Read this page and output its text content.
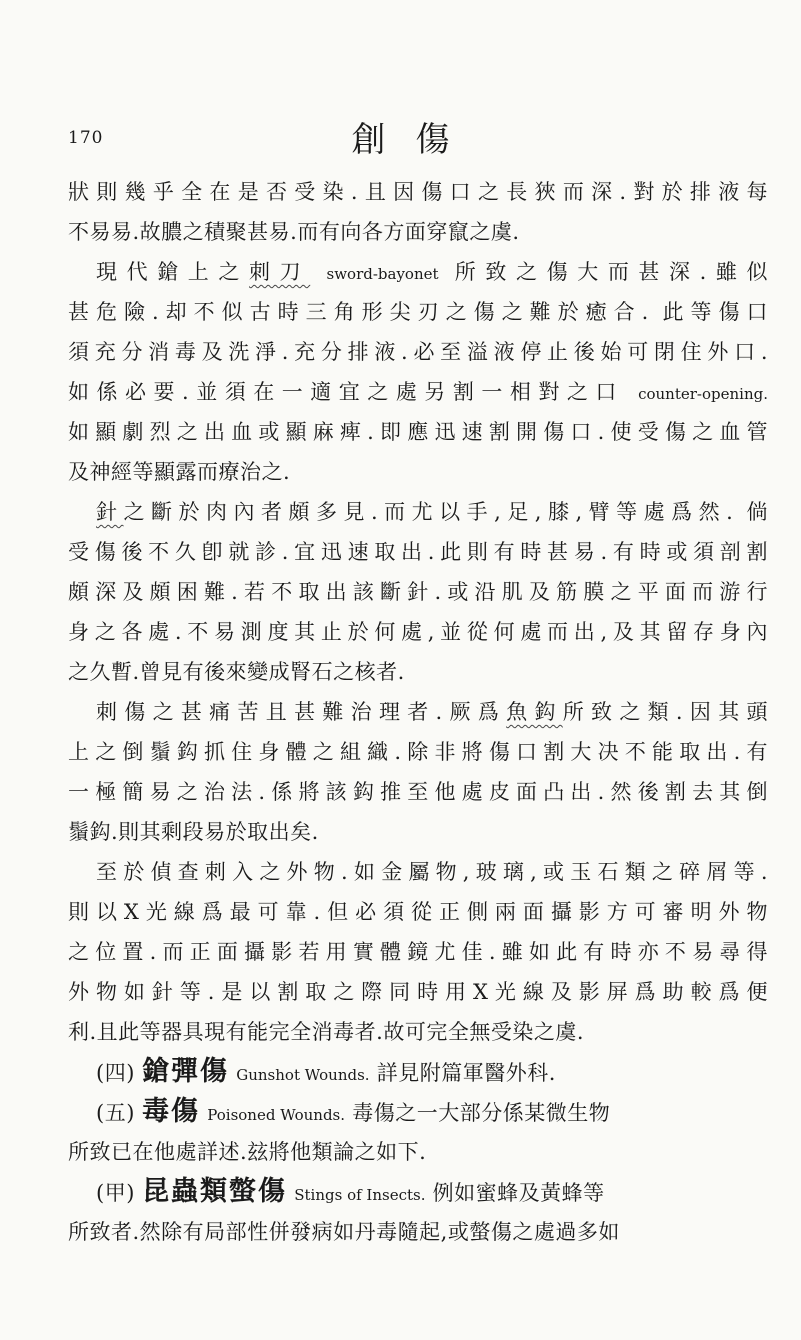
170	創傷
狀則幾乎全在是否受染.且因傷口之長狹而深.對於排液每
不易易.故膿之積聚甚易.而有向各方面穿竄之虞.
現代鎗上之刺刀 sword-bayonet 所致之傷大而甚深.雖似
甚危險.却不似古時三角形尖刃之傷之難於癒合. 此等傷口
須充分消毒及洗淨.充分排液.必至溢液停止後始可閉住外口.
如係必要.並須在一適宜之處另割一相對之口 counter-opening.
如顯劇烈之出血或顯麻痺.即應迅速割開傷口.使受傷之血管
及神經等顯露而療治之.
針之斷於肉內者頗多見.而尤以手,足,膝,臂等處爲然. 倘
受傷後不久卽就診.宜迅速取出.此則有時甚易.有時或須剖割
頗深及頗困難.若不取出該斷針.或沿肌及筋膜之平面而游行
身之各處.不易測度其止於何處,並從何處而出,及其留存身內
之久暫.曾見有後來變成腎石之核者.
刺傷之甚痛苦且甚難治理者.厥爲魚鈎所致之類.因其頭
上之倒鬚鈎抓住身體之組織.除非將傷口割大决不能取出.有
一極簡易之治法.係將該鈎推至他處皮面凸出.然後割去其倒
鬚鈎.則其剩段易於取出矣.
至於偵查刺入之外物.如金屬物,玻璃,或玉石類之碎屑等.
則以X光線爲最可靠.但必須從正側兩面攝影方可審明外物
之位置.而正面攝影若用實體鏡尤佳.雖如此有時亦不易尋得
外物如針等.是以割取之際同時用X光線及影屏爲助較爲便
利.且此等器具現有能完全消毒者.故可完全無受染之虞.
(四) 鎗彈傷 Gunshot Wounds. 詳見附篇軍醫外科.
(五) 毒傷 Poisoned Wounds. 毒傷之一大部分係某微生物
所致已在他處詳述.玆將他類論之如下.
(甲) 昆蟲類螫傷 Stings of Insects. 例如蜜蜂及黃蜂等
所致者.然除有局部性併發病如丹毒隨起,或螫傷之處過多如
